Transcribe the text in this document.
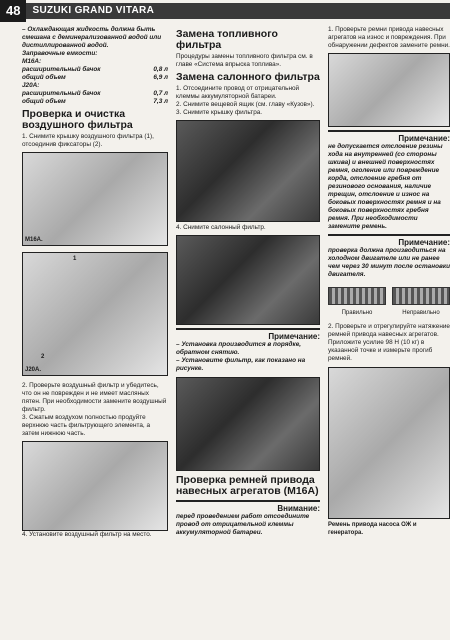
48	SUZUKI GRAND VITARA

– Охлаждающая жидкость должна быть смешана с деминерализованной водой или дистиллированной водой.

Заправочные емкости:

M16A:

расширительный бачок	0,8 л
общий объем	6,9 л

J20A:

расширительный бачок	0,7 л
общий объем	7,3 л
Проверка и очистка воздушного фильтра

1. Снимите крышку воздушного фильтра (1), отсоединив фиксаторы (2).

M16A.
1
2
J20A.

2. Проверьте воздушный фильтр и убедитесь, что он не поврежден и не имеет масляных пятен. При необходимости замените воздушный фильтр.

3. Сжатым воздухом полностью продуйте верхнюю часть фильтрующего элемента, а затем нижнюю часть.

4. Установите воздушный фильтр на место.

Замена топливного фильтра

Процедуры замены топливного фильтра см. в главе «Система впрыска топлива».

Замена салонного фильтра

1. Отсоедините провод от отрицательной клеммы аккумуляторной батареи.

2. Снимите вещевой ящик (см. главу «Кузов»).

3. Снимите крышку фильтра.

4. Снимите салонный фильтр.

Примечание:

– Установка производится в порядке, обратном снятию.

– Установите фильтр, как показано на рисунке.

Проверка ремней привода навесных агрегатов (M16A)
Внимание:

перед проведением работ отсоедините провод от отрицательной клеммы аккумуляторной батареи.

1. Проверьте ремни привода навесных агрегатов на износ и повреждения. При обнаружении дефектов замените ремни.

Примечание:

не допускается отслоение резины хода на внутренней (со стороны шкива) и внешней поверхностях ремня, оголение или повреждение корда, отслоение гребня от резинового основания, наличие трещин, отслоение и износ на боковых поверхностях ремня и на боковых поверхностях гребня ремня. При необходимости замените ремень.

Примечание:

проверка должна производиться на холодном двигателе или не ранее чем через 30 минут после остановки двигателя.

Правильно	Неправильно

2. Проверьте и отрегулируйте натяжение ремней привода навесных агрегатов.

Приложите усилие 98 Н (10 кг) в указанной точке и измерьте прогиб ремней.

Ремень привода насоса ОЖ и генератора.
